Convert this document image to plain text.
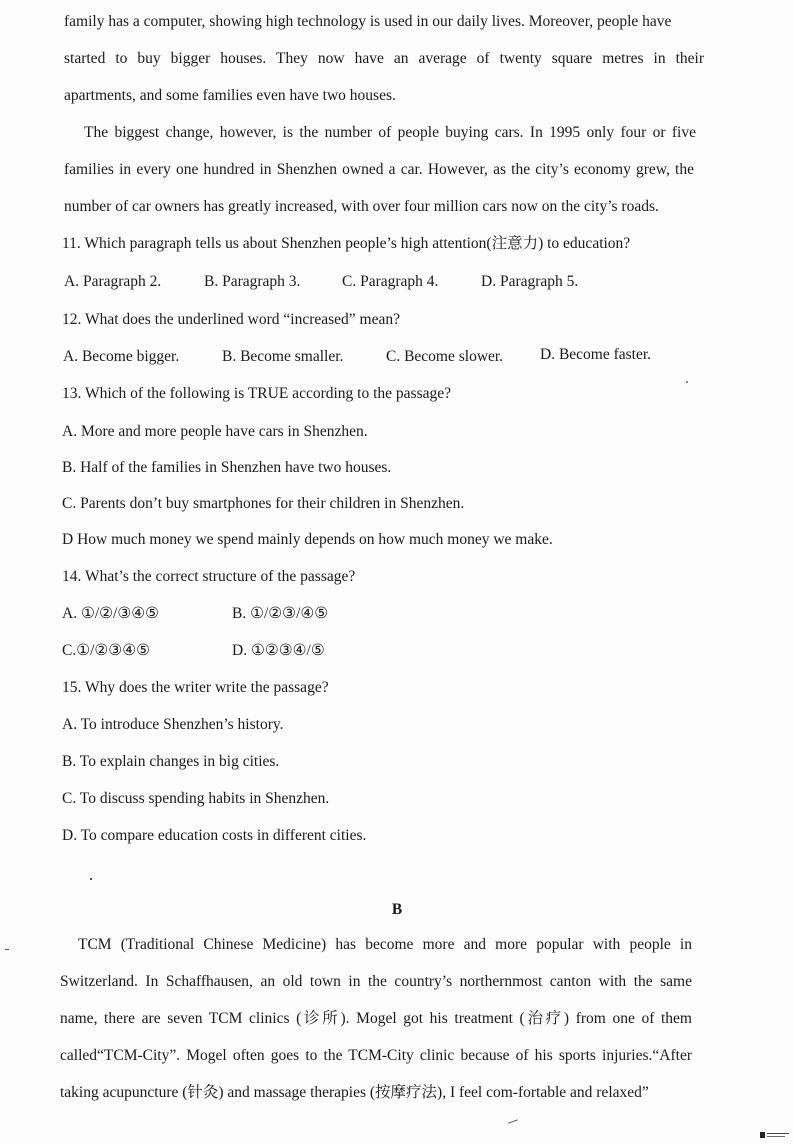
family has a computer, showing high technology is used in our daily lives. Moreover, people have
started to buy bigger houses. They now have an average of twenty square metres in their
apartments, and some families even have two houses.
The biggest change, however, is the number of people buying cars. In 1995 only four or five
families in every one hundred in Shenzhen owned a car. However, as the city’s economy grew, the
number of car owners has greatly increased, with over four million cars now on the city’s roads.
11. Which paragraph tells us about Shenzhen people’s high attention(注意力) to education?
A. Paragraph 2.	B. Paragraph 3.	C. Paragraph 4.	D. Paragraph 5.
12. What does the underlined word “increased” mean?
A. Become bigger.	B. Become smaller.	C. Become slower. D. Become faster.
13. Which of the following is TRUE according to the passage?
A. More and more people have cars in Shenzhen.
B. Half of the families in Shenzhen have two houses.
C. Parents don’t buy smartphones for their children in Shenzhen.
D How much money we spend mainly depends on how much money we make.
14. What’s the correct structure of the passage?
A. ①/②/③④⑤	B. ①/②③/④⑤
C.①/②③④⑤	D. ①②③④/⑤
15. Why does the writer write the passage?
A. To introduce Shenzhen’s history.
B. To explain changes in big cities.
C. To discuss spending habits in Shenzhen.
D. To compare education costs in different cities.
B
TCM (Traditional Chinese Medicine) has become more and more popular with people in
Switzerland. In Schaffhausen, an old town in the country’s northernmost canton with the same
name, there are seven TCM clinics (诊所). Mogel got his treatment (治疗) from one of them
called“TCM-City”. Mogel often goes to the TCM-City clinic because of his sports injuries.“After
taking acupuncture (针灸) and massage therapies (按摩疗法), I feel com-fortable and relaxed”
